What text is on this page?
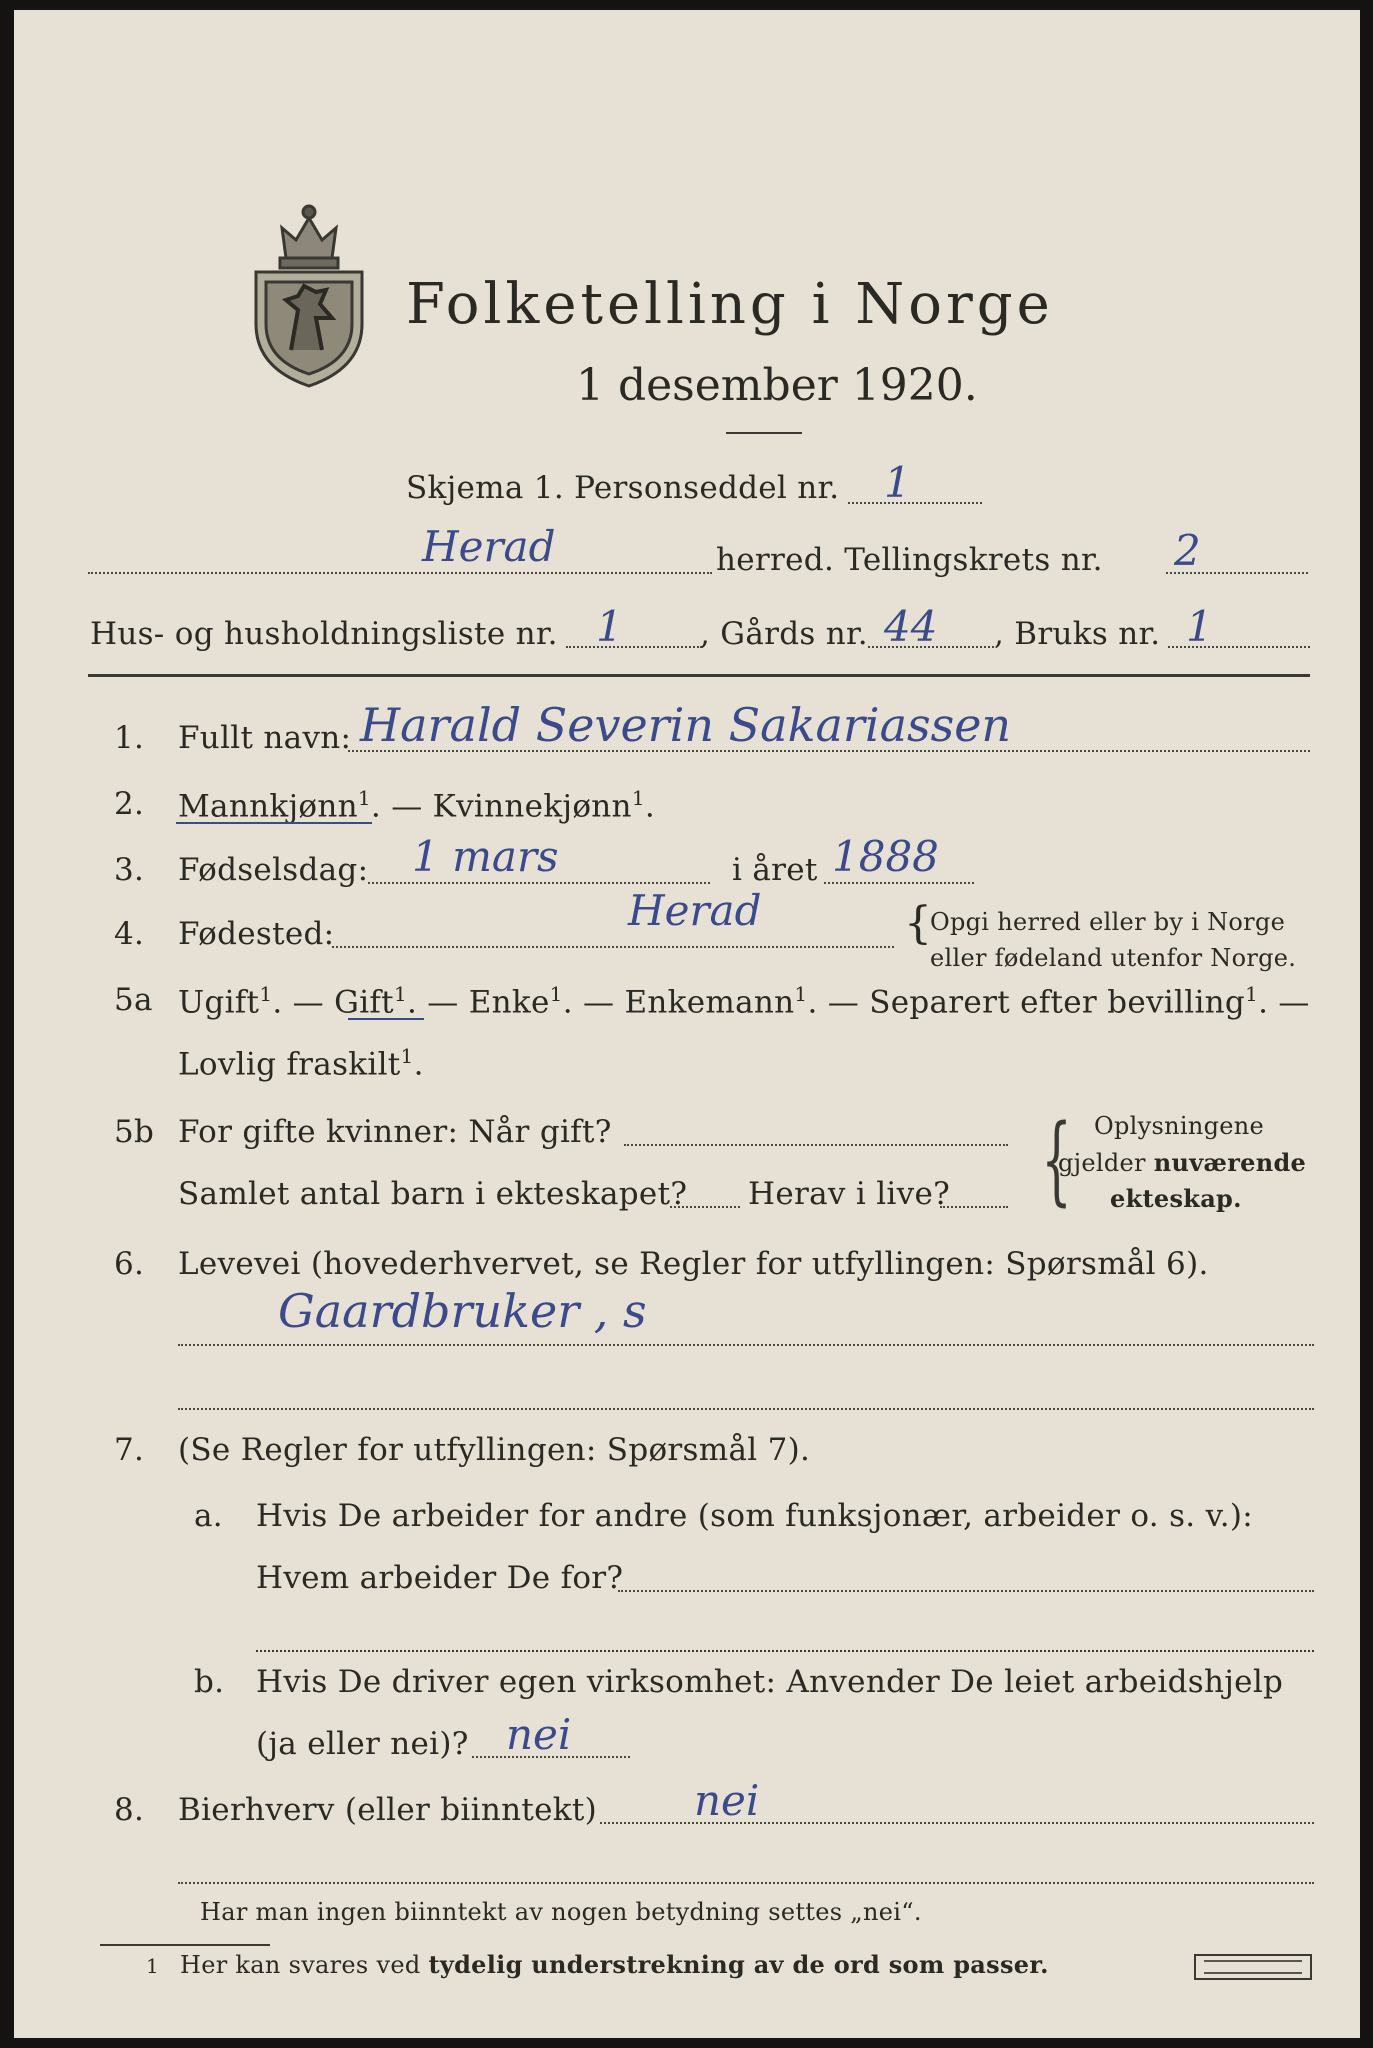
Folketelling i Norge
1 desember 1920.
Skjema 1. Personseddel nr. 1
Herad	herred. Tellingskrets nr. 2
Hus- og husholdningsliste nr. 1 , Gårds nr. 44 , Bruks nr. 1
1. Fullt navn: Harald Severin Sakariassen
2. Mannkjønn$^1$. — Kvinnekjønn$^1$.
3. Fødselsdag: 1 mars	i året 1888
4. Fødested:	Herad	{
Opgi herred eller by i Norge
eller fødeland utenfor Norge.
5a Ugift$^1$. — Gift$^1$. — Enke$^1$. — Enkemann$^1$. — Separert efter bevilling$^1$. —
Lovlig fraskilt$^1$.
5b For gifte kvinner: Når gift?
Samlet antal barn i ekteskapet? Herav i live? { Oplysningene
gjelder nuværende
ekteskap.
6. Levevei (hovederhvervet, se Regler for utfyllingen: Spørsmål 6).
Gaardbruker , s
7. (Se Regler for utfyllingen: Spørsmål 7).
a. Hvis De arbeider for andre (som funksjonær, arbeider o. s. v.):
Hvem arbeider De for?
b. Hvis De driver egen virksomhet: Anvender De leiet arbeidshjelp
(ja eller nei)? nei
8. Bierhverv (eller biinntekt) nei
Har man ingen biinntekt av nogen betydning settes „nei“.
1 Her kan svares ved tydelig understrekning av de ord som passer.
